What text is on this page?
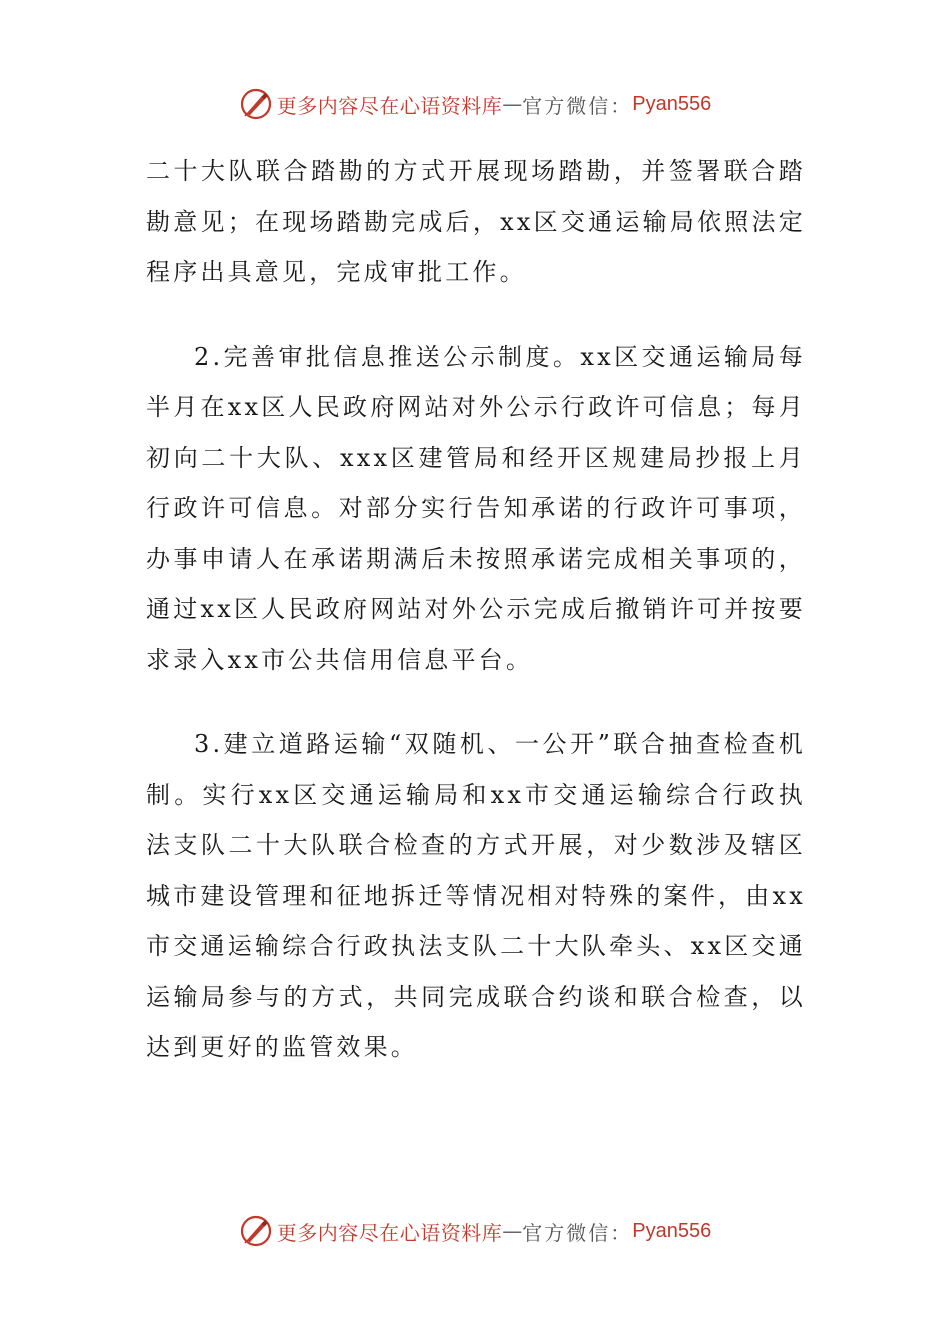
更多内容尽在心语资料库 — 官方微信： Pyan556

二十大队联合踏勘的方式开展现场踏勘，并签署联合踏勘意见；在现场踏勘完成后，xx区交通运输局依照法定程序出具意见，完成审批工作。

2.完善审批信息推送公示制度。xx区交通运输局每半月在xx区人民政府网站对外公示行政许可信息；每月初向二十大队、xxx区建管局和经开区规建局抄报上月行政许可信息。对部分实行告知承诺的行政许可事项，办事申请人在承诺期满后未按照承诺完成相关事项的，通过xx区人民政府网站对外公示完成后撤销许可并按要求录入xx市公共信用信息平台。

3.建立道路运输“双随机、一公开”联合抽查检查机制。实行xx区交通运输局和xx市交通运输综合行政执法支队二十大队联合检查的方式开展，对少数涉及辖区城市建设管理和征地拆迁等情况相对特殊的案件，由xx市交通运输综合行政执法支队二十大队牵头、xx区交通运输局参与的方式，共同完成联合约谈和联合检查，以达到更好的监管效果。

更多内容尽在心语资料库 — 官方微信： Pyan556
